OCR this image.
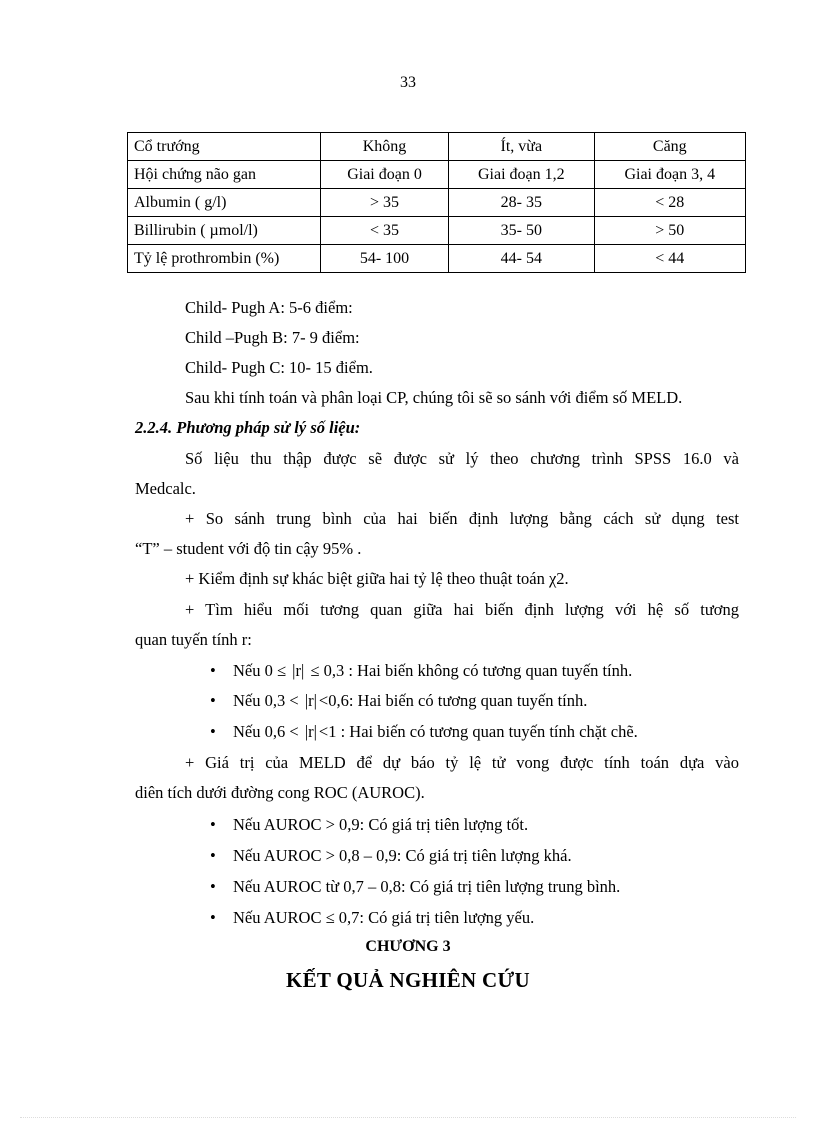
33
Cổ trướng	Không	Ít, vừa	Căng
Hội chứng não gan	Giai đoạn 0	Giai đoạn 1,2	Giai đoạn 3, 4
Albumin ( g/l)	> 35	28- 35	< 28
Billirubin ( µmol/l)	< 35	35- 50	> 50
Tỷ lệ prothrombin (%)	54- 100	44- 54	< 44
Child- Pugh A: 5-6 điểm:
Child –Pugh B: 7- 9 điểm:
Child- Pugh C: 10- 15 điểm.
Sau khi tính toán và phân loại CP, chúng tôi sẽ so sánh với điểm số MELD.
2.2.4. Phương pháp sử lý số liệu:
Số liệu thu thập được sẽ được sử lý theo chương trình SPSS 16.0 và
Medcalc.
+ So sánh trung bình của hai biến định lượng bằng cách sử dụng test
“T” – student với độ tin cậy 95% .
+ Kiểm định sự khác biệt giữa hai tỷ lệ theo thuật toán χ2.
+ Tìm hiểu mối tương quan giữa hai biến định lượng với hệ số tương
quan tuyến tính r:
• Nếu 0 ≤ |r| ≤ 0,3 : Hai biến không có tương quan tuyến tính.
• Nếu 0,3 < |r| <0,6: Hai biến có tương quan tuyến tính.
• Nếu 0,6 < |r| <1 : Hai biến có tương quan tuyến tính chặt chẽ.
+ Giá trị của MELD để dự báo tỷ lệ tử vong được tính toán dựa vào
diên tích dưới đường cong ROC (AUROC).
• Nếu AUROC > 0,9: Có giá trị tiên lượng tốt.
• Nếu AUROC > 0,8 – 0,9: Có giá trị tiên lượng khá.
• Nếu AUROC từ 0,7 – 0,8: Có giá trị tiên lượng trung bình.
• Nếu AUROC ≤ 0,7: Có giá trị tiên lượng yếu.
CHƯƠNG 3
KẾT QUẢ NGHIÊN CỨU
